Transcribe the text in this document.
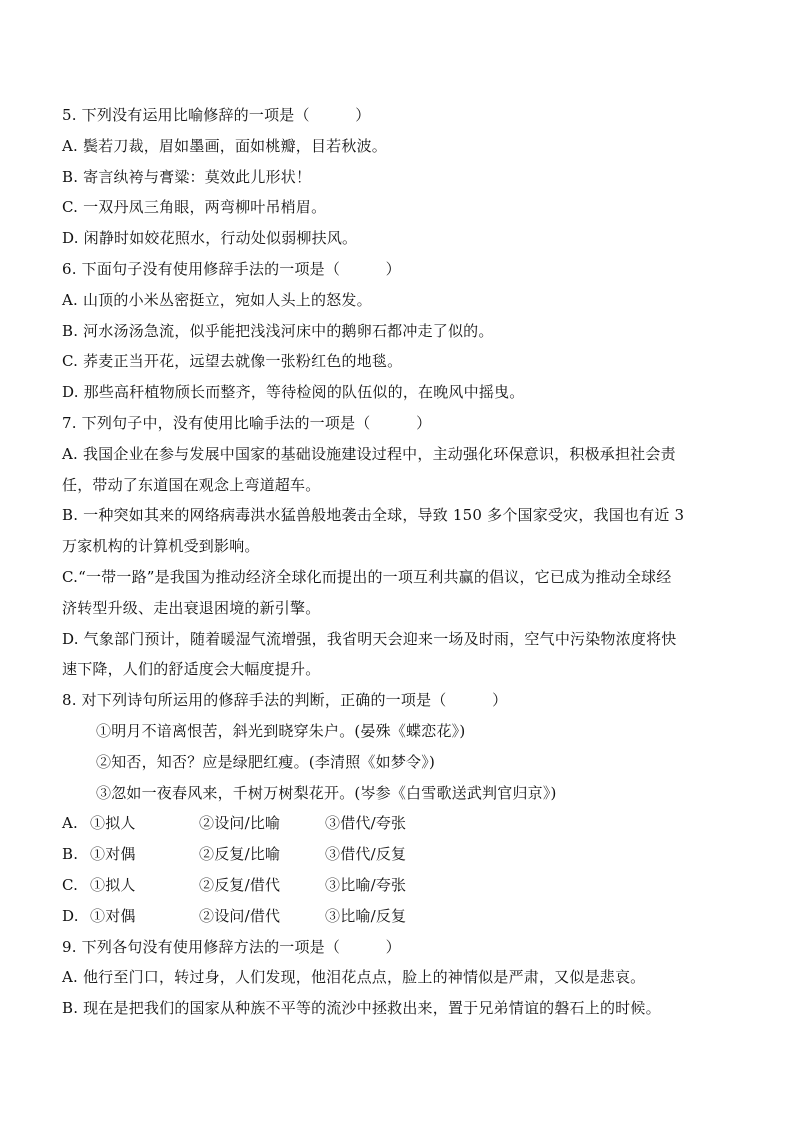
5. 下列没有运用比喻修辞的一项是（　　　）
A. 鬓若刀裁，眉如墨画，面如桃瓣，目若秋波。
B. 寄言纨袴与膏粱：莫效此儿形状！
C. 一双丹凤三角眼，两弯柳叶吊梢眉。
D. 闲静时如姣花照水，行动处似弱柳扶风。
6. 下面句子没有使用修辞手法的一项是（　　　）
A. 山顶的小米丛密挺立，宛如人头上的怒发。
B. 河水汤汤急流，似乎能把浅浅河床中的鹅卵石都冲走了似的。
C. 荞麦正当开花，远望去就像一张粉红色的地毯。
D. 那些高秆植物颀长而整齐，等待检阅的队伍似的，在晚风中摇曳。
7. 下列句子中，没有使用比喻手法的一项是（　　　）
A. 我国企业在参与发展中国家的基础设施建设过程中，主动强化环保意识，积极承担社会责
任，带动了东道国在观念上弯道超车。
B. 一种突如其来的网络病毒洪水猛兽般地袭击全球，导致 150 多个国家受灾，我国也有近 3
万家机构的计算机受到影响。
C.“一带一路”是我国为推动经济全球化而提出的一项互利共赢的倡议，它已成为推动全球经
济转型升级、走出衰退困境的新引擎。
D. 气象部门预计，随着暖湿气流增强，我省明天会迎来一场及时雨，空气中污染物浓度将快
速下降，人们的舒适度会大幅度提升。
8. 对下列诗句所运用的修辞手法的判断，正确的一项是（　　　）
①明月不谙离恨苦，斜光到晓穿朱户。(晏殊《蝶恋花》)
②知否，知否？应是绿肥红瘦。(李清照《如梦令》)
③忽如一夜春风来，千树万树梨花开。(岑参《白雪歌送武判官归京》)
A. ①拟人	②设问/比喻	③借代/夸张
B. ①对偶	②反复/比喻	③借代/反复
C. ①拟人	②反复/借代	③比喻/夸张
D. ①对偶	②设问/借代	③比喻/反复
9. 下列各句没有使用修辞方法的一项是（　　　）
A. 他行至门口，转过身，人们发现，他泪花点点，脸上的神情似是严肃，又似是悲哀。
B. 现在是把我们的国家从种族不平等的流沙中拯救出来，置于兄弟情谊的磐石上的时候。
